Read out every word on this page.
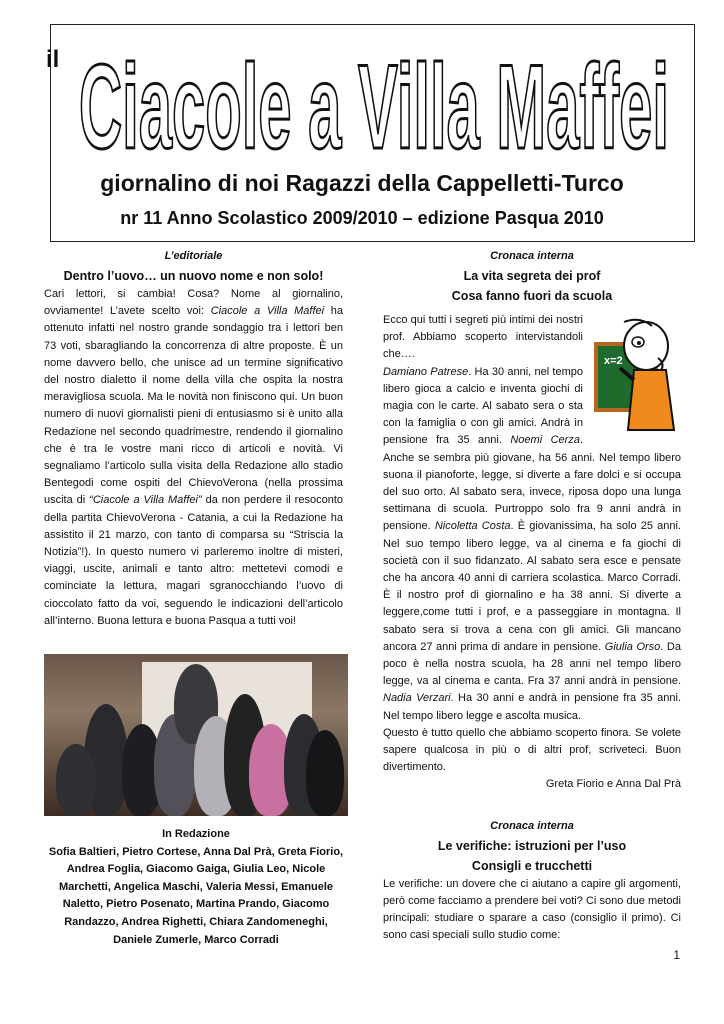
il Ciacole a Villa Maffei
giornalino di noi Ragazzi della Cappelletti-Turco
nr 11 Anno Scolastico 2009/2010 – edizione Pasqua 2010
L’editoriale
Dentro l’uovo… un nuovo nome e non solo!

Cari lettori, si cambia! Cosa? Nome al giornalino, ovviamente! L’avete scelto voi: Ciacole a Villa Maffei ha ottenuto infatti nel nostro grande sondaggio tra i lettori ben 73 voti, sbaragliando la concorrenza di altre proposte. È un nome davvero bello, che unisce ad un termine significativo del nostro dialetto il nome della villa che ospita la nostra meravigliosa scuola. Ma le novità non finiscono qui. Un buon numero di nuovi giornalisti pieni di entusiasmo si è unito alla Redazione nel secondo quadrimestre, rendendo il giornalino che è tra le vostre mani ricco di articoli e novità. Vi segnaliamo l’articolo sulla visita della Redazione allo stadio Bentegodi come ospiti del ChievoVerona (nella prossima uscita di “Ciacole a Villa Maffei” da non perdere il resoconto della partita ChievoVerona - Catania, a cui la Redazione ha assistito il 21 marzo, con tanto di comparsa su “Striscia la Notizia”!). In questo numero vi parleremo inoltre di misteri, viaggi, uscite, animali e tanto altro: mettetevi comodi e cominciate la lettura, magari sgranocchiando l’uovo di cioccolato fatto da voi, seguendo le indicazioni dell’articolo all’interno. Buona lettura e buona Pasqua a tutti voi!

In Redazione
Sofia Baltieri, Pietro Cortese, Anna Dal Prà, Greta Fiorio, Andrea Foglia, Giacomo Gaiga, Giulia Leo, Nicole Marchetti, Angelica Maschi, Valeria Messi, Emanuele Naletto, Pietro Posenato, Martina Prando, Giacomo Randazzo, Andrea Righetti, Chiara Zandomeneghi, Daniele Zumerle, Marco Corradi
Cronaca interna
La vita segreta dei prof
Cosa fanno fuori da scuola

Ecco qui tutti i segreti più intimi dei nostri prof. Abbiamo scoperto intervistandoli che….

Damiano Patrese. Ha 30 anni, nel tempo libero gioca a calcio e inventa giochi di magia con le carte. Al sabato sera o sta con la famiglia o con gli amici. Andrà in pensione fra 35 anni. Noemi Cerza. Anche se sembra più giovane, ha 56 anni. Nel tempo libero suona il pianoforte, legge, si diverte a fare dolci e si occupa del suo orto. Al sabato sera, invece, riposa dopo una lunga settimana di scuola. Purtroppo solo fra 9 anni andrà in pensione. Nicoletta Costa. È giovanissima, ha solo 25 anni. Nel suo tempo libero legge, va al cinema e fa giochi di società con il suo fidanzato. Al sabato sera esce e pensate che ha ancora 40 anni di carriera scolastica. Marco Corradi. È il nostro prof di giornalino e ha 38 anni. Si diverte a leggere,come tutti i prof, e a passeggiare in montagna. Il sabato sera si trova a cena con gli amici. Gli mancano ancora 27 anni prima di andare in pensione. Giulia Orso. Da poco è nella nostra scuola, ha 28 anni nel tempo libero legge, va al cinema e canta. Fra 37 anni andrà in pensione. Nadia Verzari. Ha 30 anni e andrà in pensione fra 35 anni. Nel tempo libero legge e ascolta musica.

Questo è tutto quello che abbiamo scoperto finora. Se volete sapere qualcosa in più o di altri prof, scriveteci. Buon divertimento.

Greta Fiorio e Anna Dal Prà
Cronaca interna
Le verifiche: istruzioni per l’uso
Consigli e trucchetti

Le verifiche: un dovere che ci aiutano a capire gli argomenti, però come facciamo a prendere bei voti? Ci sono due metodi principali: studiare o sparare a caso (consiglio il primo). Ci sono casi speciali sullo studio come:

x=2
1
